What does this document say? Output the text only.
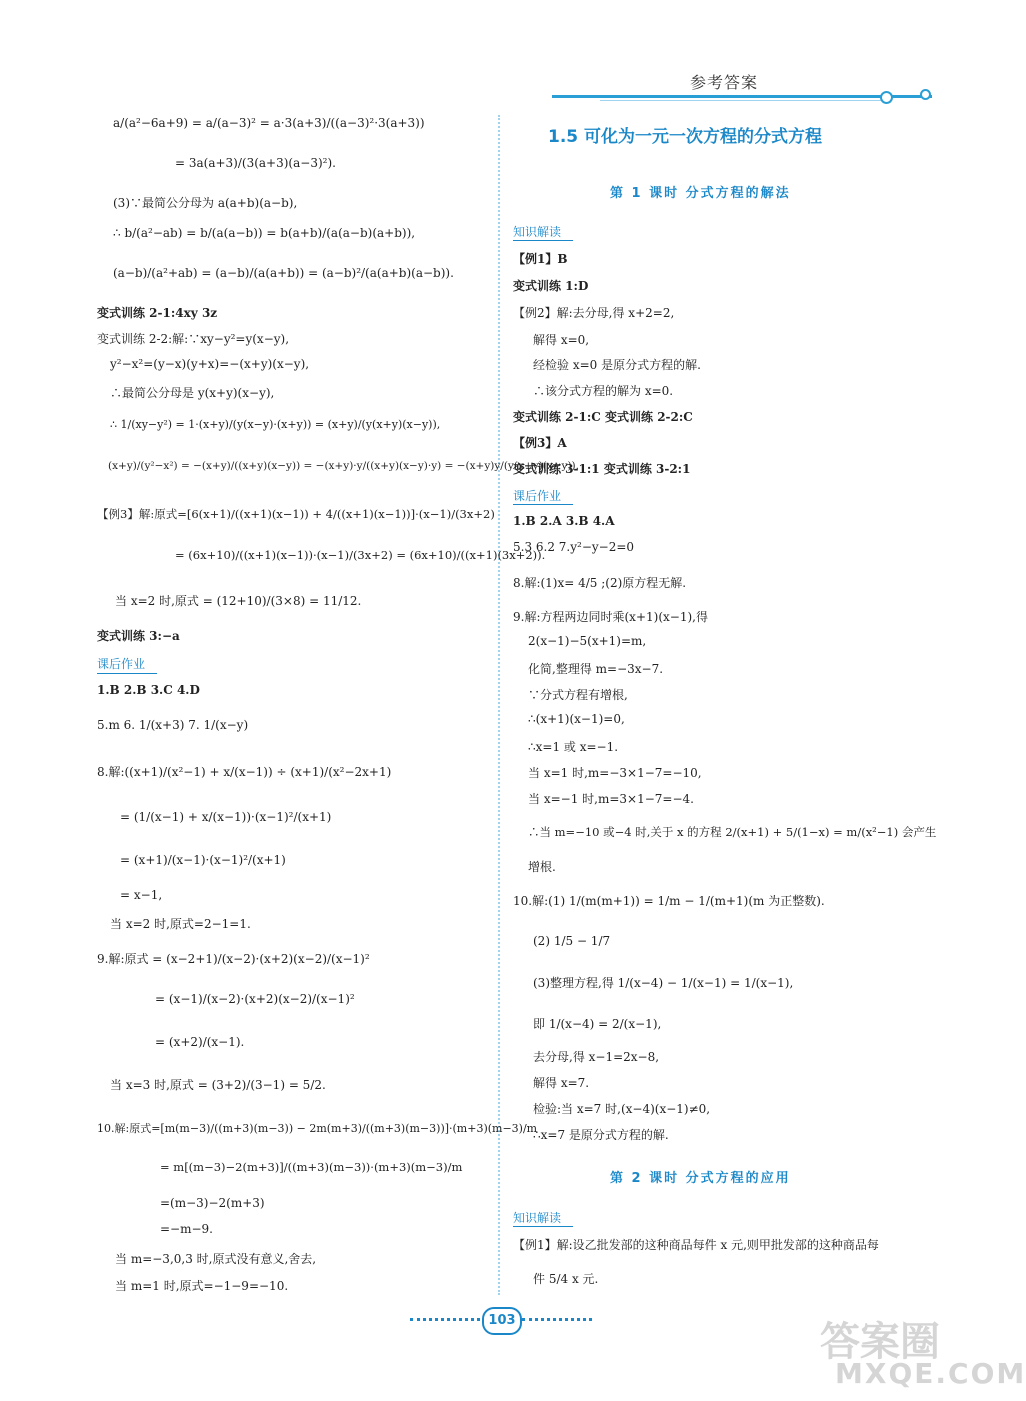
参考答案
a/(a²−6a+9) = a/(a−3)² = a·3(a+3)/((a−3)²·3(a+3))
= 3a(a+3)/(3(a+3)(a−3)²).
(3)∵最简公分母为 a(a+b)(a−b),
∴ b/(a²−ab) = b/(a(a−b)) = b(a+b)/(a(a−b)(a+b)),
(a−b)/(a²+ab) = (a−b)/(a(a+b)) = (a−b)²/(a(a+b)(a−b)).
变式训练 2-1:4xy 3z
变式训练 2-2:解:∵xy−y²=y(x−y),
y²−x²=(y−x)(y+x)=−(x+y)(x−y),
∴最简公分母是 y(x+y)(x−y),
∴ 1/(xy−y²) = 1·(x+y)/(y(x−y)·(x+y)) = (x+y)/(y(x+y)(x−y)),
(x+y)/(y²−x²) = −(x+y)/((x+y)(x−y)) = −(x+y)·y/((x+y)(x−y)·y) = −(x+y)y/(y(x+y)(x−y)).
【例3】解:原式=[6(x+1)/((x+1)(x−1)) + 4/((x+1)(x−1))]·(x−1)/(3x+2)
= (6x+10)/((x+1)(x−1))·(x−1)/(3x+2) = (6x+10)/((x+1)(3x+2)).
当 x=2 时,原式 = (12+10)/(3×8) = 11/12.
变式训练 3:−a
课后作业
1.B 2.B 3.C 4.D
5.m 6. 1/(x+3) 7. 1/(x−y)
8.解:((x+1)/(x²−1) + x/(x−1)) ÷ (x+1)/(x²−2x+1)
= (1/(x−1) + x/(x−1))·(x−1)²/(x+1)
= (x+1)/(x−1)·(x−1)²/(x+1)
= x−1,
当 x=2 时,原式=2−1=1.
9.解:原式 = (x−2+1)/(x−2)·(x+2)(x−2)/(x−1)²
= (x−1)/(x−2)·(x+2)(x−2)/(x−1)²
= (x+2)/(x−1).
当 x=3 时,原式 = (3+2)/(3−1) = 5/2.
10.解:原式=[m(m−3)/((m+3)(m−3)) − 2m(m+3)/((m+3)(m−3))]·(m+3)(m−3)/m
= m[(m−3)−2(m+3)]/((m+3)(m−3))·(m+3)(m−3)/m
=(m−3)−2(m+3)
=−m−9.
当 m=−3,0,3 时,原式没有意义,舍去,
当 m=1 时,原式=−1−9=−10.
1.5 可化为一元一次方程的分式方程
第 1 课时 分式方程的解法
知识解读
【例1】B
变式训练 1:D
【例2】解:去分母,得 x+2=2,
解得 x=0,
经检验 x=0 是原分式方程的解.
∴该分式方程的解为 x=0.
变式训练 2-1:C 变式训练 2-2:C
【例3】A
变式训练 3-1:1 变式训练 3-2:1
课后作业
1.B 2.A 3.B 4.A
5.3 6.2 7.y²−y−2=0
8.解:(1)x= 4/5 ;(2)原方程无解.
9.解:方程两边同时乘(x+1)(x−1),得
2(x−1)−5(x+1)=m,
化简,整理得 m=−3x−7.
∵分式方程有增根,
∴(x+1)(x−1)=0,
∴x=1 或 x=−1.
当 x=1 时,m=−3×1−7=−10,
当 x=−1 时,m=3×1−7=−4.
∴当 m=−10 或−4 时,关于 x 的方程 2/(x+1) + 5/(1−x) = m/(x²−1) 会产生
增根.
10.解:(1) 1/(m(m+1)) = 1/m − 1/(m+1)(m 为正整数).
(2) 1/5 − 1/7
(3)整理方程,得 1/(x−4) − 1/(x−1) = 1/(x−1),
即 1/(x−4) = 2/(x−1),
去分母,得 x−1=2x−8,
解得 x=7.
检验:当 x=7 时,(x−4)(x−1)≠0,
∴x=7 是原分式方程的解.
第 2 课时 分式方程的应用
知识解读
【例1】解:设乙批发部的这种商品每件 x 元,则甲批发部的这种商品每
件 5/4 x 元.
103	答案圈
MXQE.COM
